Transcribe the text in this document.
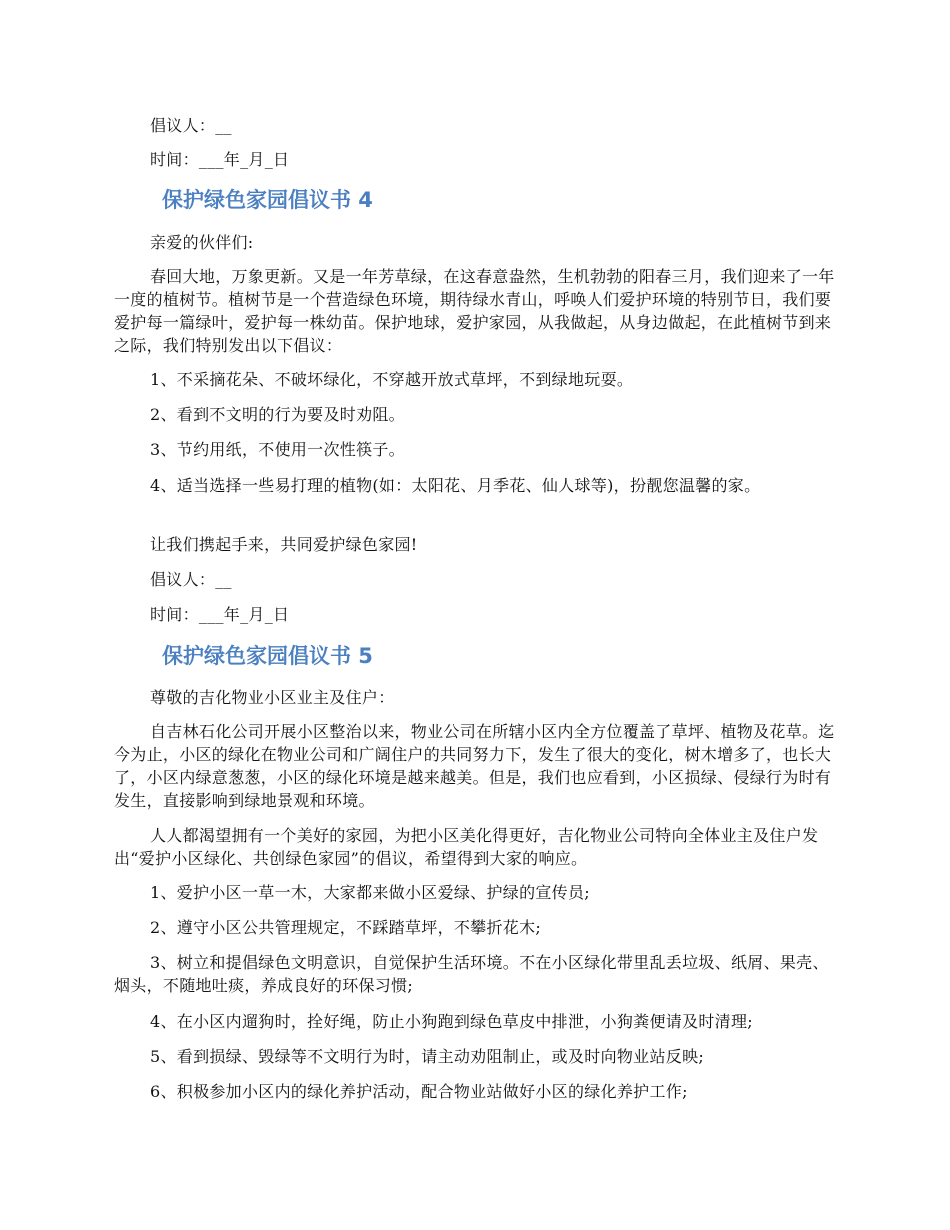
倡议人：__

时间：___年_月_日

保护绿色家园倡议书 4

亲爱的伙伴们:

春回大地，万象更新。又是一年芳草绿，在这春意盎然，生机勃勃的阳春三月，我们迎来了一年一度的植树节。植树节是一个营造绿色环境，期待绿水青山，呼唤人们爱护环境的特别节日，我们要爱护每一篇绿叶，爱护每一株幼苗。保护地球，爱护家园，从我做起，从身边做起，在此植树节到来之际，我们特别发出以下倡议：

1、不采摘花朵、不破坏绿化，不穿越开放式草坪，不到绿地玩耍。

2、看到不文明的行为要及时劝阻。

3、节约用纸，不使用一次性筷子。

4、适当选择一些易打理的植物(如：太阳花、月季花、仙人球等)，扮靓您温馨的家。

让我们携起手来，共同爱护绿色家园!

倡议人：__

时间：___年_月_日

保护绿色家园倡议书 5

尊敬的吉化物业小区业主及住户：

自吉林石化公司开展小区整治以来，物业公司在所辖小区内全方位覆盖了草坪、植物及花草。迄今为止，小区的绿化在物业公司和广阔住户的共同努力下，发生了很大的变化，树木增多了，也长大了，小区内绿意葱葱，小区的绿化环境是越来越美。但是，我们也应看到，小区损绿、侵绿行为时有发生，直接影响到绿地景观和环境。

人人都渴望拥有一个美好的家园，为把小区美化得更好，吉化物业公司特向全体业主及住户发出“爱护小区绿化、共创绿色家园”的倡议，希望得到大家的响应。

1、爱护小区一草一木，大家都来做小区爱绿、护绿的宣传员;

2、遵守小区公共管理规定，不踩踏草坪，不攀折花木;

3、树立和提倡绿色文明意识，自觉保护生活环境。不在小区绿化带里乱丢垃圾、纸屑、果壳、烟头，不随地吐痰，养成良好的环保习惯;

4、在小区内遛狗时，拴好绳，防止小狗跑到绿色草皮中排泄，小狗粪便请及时清理;

5、看到损绿、毁绿等不文明行为时，请主动劝阻制止，或及时向物业站反映;

6、积极参加小区内的绿化养护活动，配合物业站做好小区的绿化养护工作;
